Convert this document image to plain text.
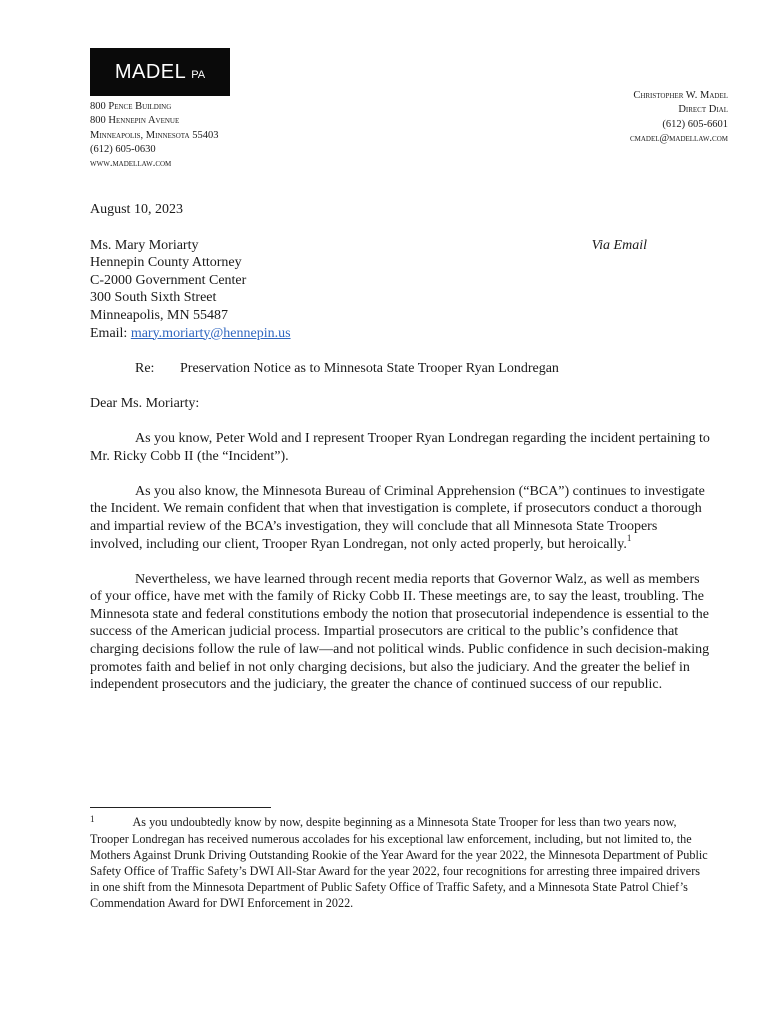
MADEL PA
800 Pence Building
800 Hennepin Avenue
Minneapolis, Minnesota 55403
(612) 605-0630
www.madellaw.com
Christopher W. Madel
Direct Dial
(612) 605-6601
cmadel@madellaw.com

August 10, 2023

Ms. Mary Moriarty	Via Email
Hennepin County Attorney
C-2000 Government Center
300 South Sixth Street
Minneapolis, MN 55487
Email: mary.moriarty@hennepin.us
Re:	Preservation Notice as to Minnesota State Trooper Ryan Londregan

Dear Ms. Moriarty:

As you know, Peter Wold and I represent Trooper Ryan Londregan regarding the incident pertaining to Mr. Ricky Cobb II (the “Incident”).

As you also know, the Minnesota Bureau of Criminal Apprehension (“BCA”) continues to investigate the Incident. We remain confident that when that investigation is complete, if prosecutors conduct a thorough and impartial review of the BCA’s investigation, they will conclude that all Minnesota State Troopers involved, including our client, Trooper Ryan Londregan, not only acted properly, but heroically.$^1$

Nevertheless, we have learned through recent media reports that Governor Walz, as well as members of your office, have met with the family of Ricky Cobb II. These meetings are, to say the least, troubling. The Minnesota state and federal constitutions embody the notion that prosecutorial independence is essential to the success of the American judicial process. Impartial prosecutors are critical to the public’s confidence that charging decisions follow the rule of law—and not political winds. Public confidence in such decision-making promotes faith and belief in not only charging decisions, but also the judiciary. And the greater the belief in independent prosecutors and the judiciary, the greater the chance of continued success of our republic.

$^1$	As you undoubtedly know by now, despite beginning as a Minnesota State Trooper for less than two years now, Trooper Londregan has received numerous accolades for his exceptional law enforcement, including, but not limited to, the Mothers Against Drunk Driving Outstanding Rookie of the Year Award for the year 2022, the Minnesota Department of Public Safety Office of Traffic Safety’s DWI All-Star Award for the year 2022, four recognitions for arresting three impaired drivers in one shift from the Minnesota Department of Public Safety Office of Traffic Safety, and a Minnesota State Patrol Chief’s Commendation Award for DWI Enforcement in 2022.
